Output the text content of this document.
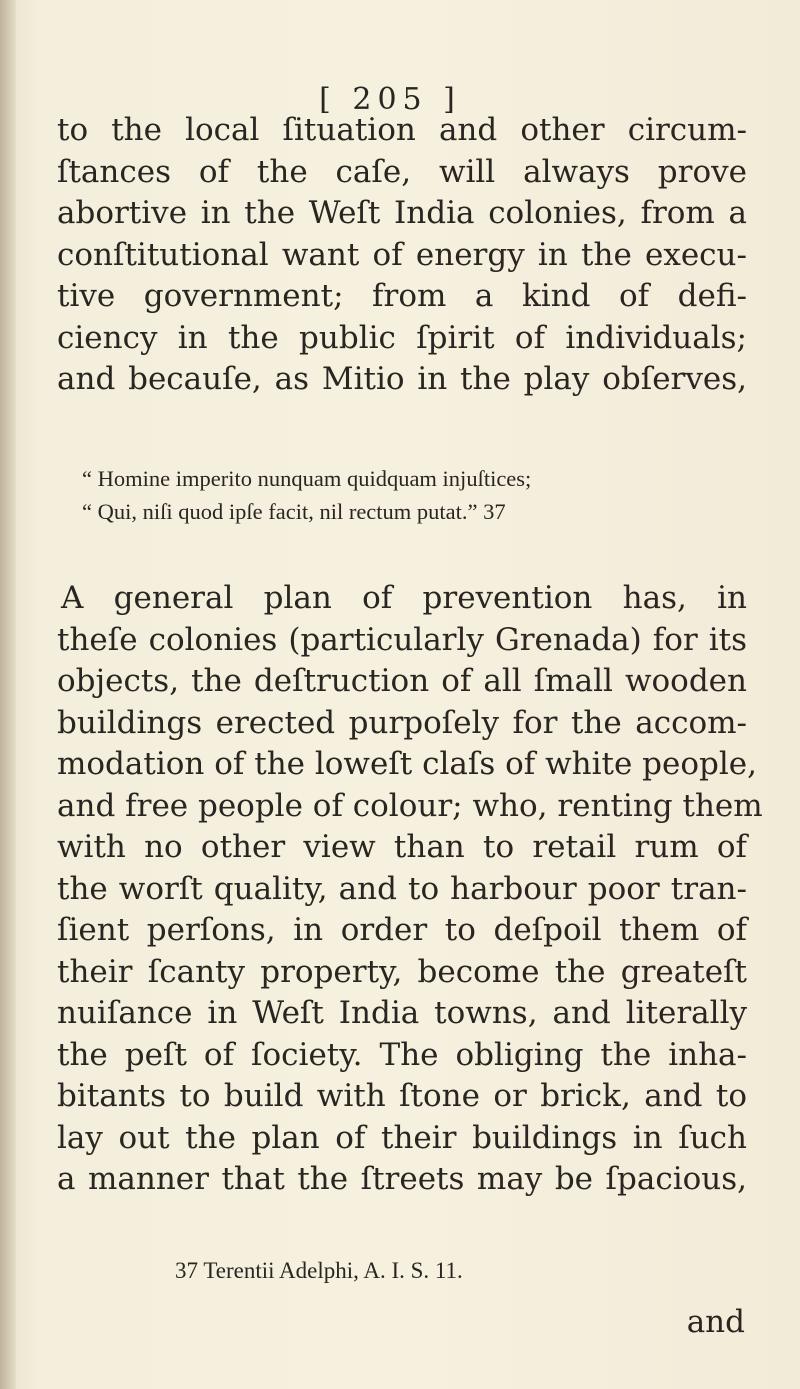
[ 205 ]
to the local ſituation and other circum-
ſtances of the caſe, will always prove
abortive in the Weſt India colonies, from a
conſtitutional want of energy in the execu-
tive government; from a kind of defi-
ciency in the public ſpirit of individuals;
and becauſe, as Mitio in the play obſerves,
“ Homine imperito nunquam quidquam injuſtices;
“ Qui, niſi quod ipſe facit, nil rectum putat.” 37
A general plan of prevention has, in
theſe colonies (particularly Grenada) for its
objects, the deſtruction of all ſmall wooden
buildings erected purpoſely for the accom-
modation of the loweſt claſs of white people,
and free people of colour; who, renting them
with no other view than to retail rum of
the worſt quality, and to harbour poor tran-
ſient perſons, in order to deſpoil them of
their ſcanty property, become the greateſt
nuiſance in Weſt India towns, and literally
the peſt of ſociety. The obliging the inha-
bitants to build with ſtone or brick, and to
lay out the plan of their buildings in ſuch
a manner that the ſtreets may be ſpacious,
37 Terentii Adelphi, A. I. S. 11.
and
